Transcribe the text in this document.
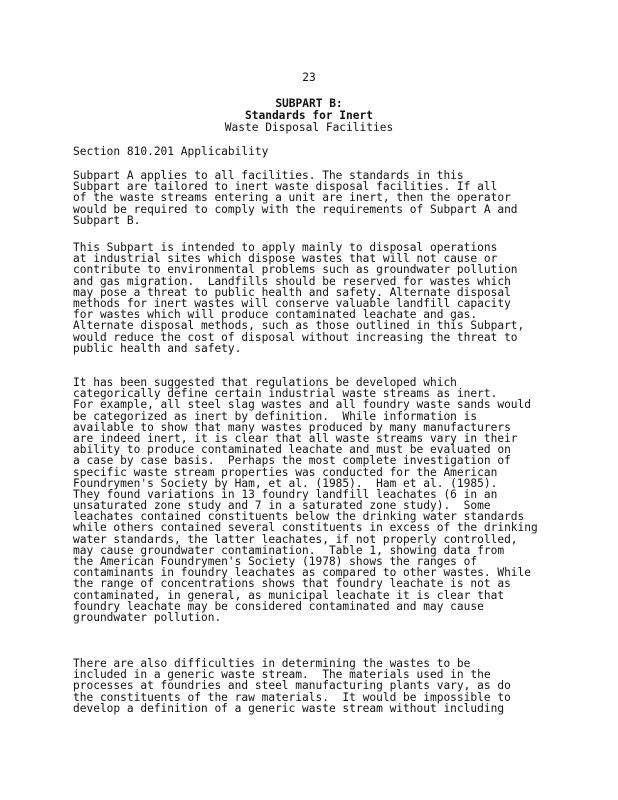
23
SUBPART B:
Standards for Inert
Waste Disposal Facilities
Section 810.201 Applicability
Subpart A applies to all facilities. The standards in this
Subpart are tailored to inert waste disposal facilities. If all
of the waste streams entering a unit are inert, then the operator
would be required to comply with the requirements of Subpart A and
Subpart B.
This Subpart is intended to apply mainly to disposal operations
at industrial sites which dispose wastes that will not cause or
contribute to environmental problems such as groundwater pollution
and gas migration.  Landfills should be reserved for wastes which
may pose a threat to public health and safety. Alternate disposal
methods for inert wastes will conserve valuable landfill capacity
for wastes which will produce contaminated leachate and gas.
Alternate disposal methods, such as those outlined in this Subpart,
would reduce the cost of disposal without increasing the threat to
public health and safety.
It has been suggested that regulations be developed which
categorically define certain industrial waste streams as inert.
For example, all steel slag wastes and all foundry waste sands would
be categorized as inert by definition.  While information is
available to show that many wastes produced by many manufacturers
are indeed inert, it is clear that all waste streams vary in their
ability to produce contaminated leachate and must be evaluated on
a case by case basis.  Perhaps the most complete investigation of
specific waste stream properties was conducted for the American
Foundrymen's Society by Ham, et al. (1985).  Ham et al. (1985).
They found variations in 13 foundry landfill leachates (6 in an
unsaturated zone study and 7 in a saturated zone study).  Some
leachates contained constituents below the drinking water standards
while others contained several constituents in excess of the drinking
water standards, the latter leachates, if not properly controlled,
may cause groundwater contamination.  Table 1, showing data from
the American Foundrymen's Society (1978) shows the ranges of
contaminants in foundry leachates as compared to other wastes. While
the range of concentrations shows that foundry leachate is not as
contaminated, in general, as municipal leachate it is clear that
foundry leachate may be considered contaminated and may cause
groundwater pollution.
There are also difficulties in determining the wastes to be
included in a generic waste stream.  The materials used in the
processes at foundries and steel manufacturing plants vary, as do
the constituents of the raw materials.  It would be impossible to
develop a definition of a generic waste stream without including
